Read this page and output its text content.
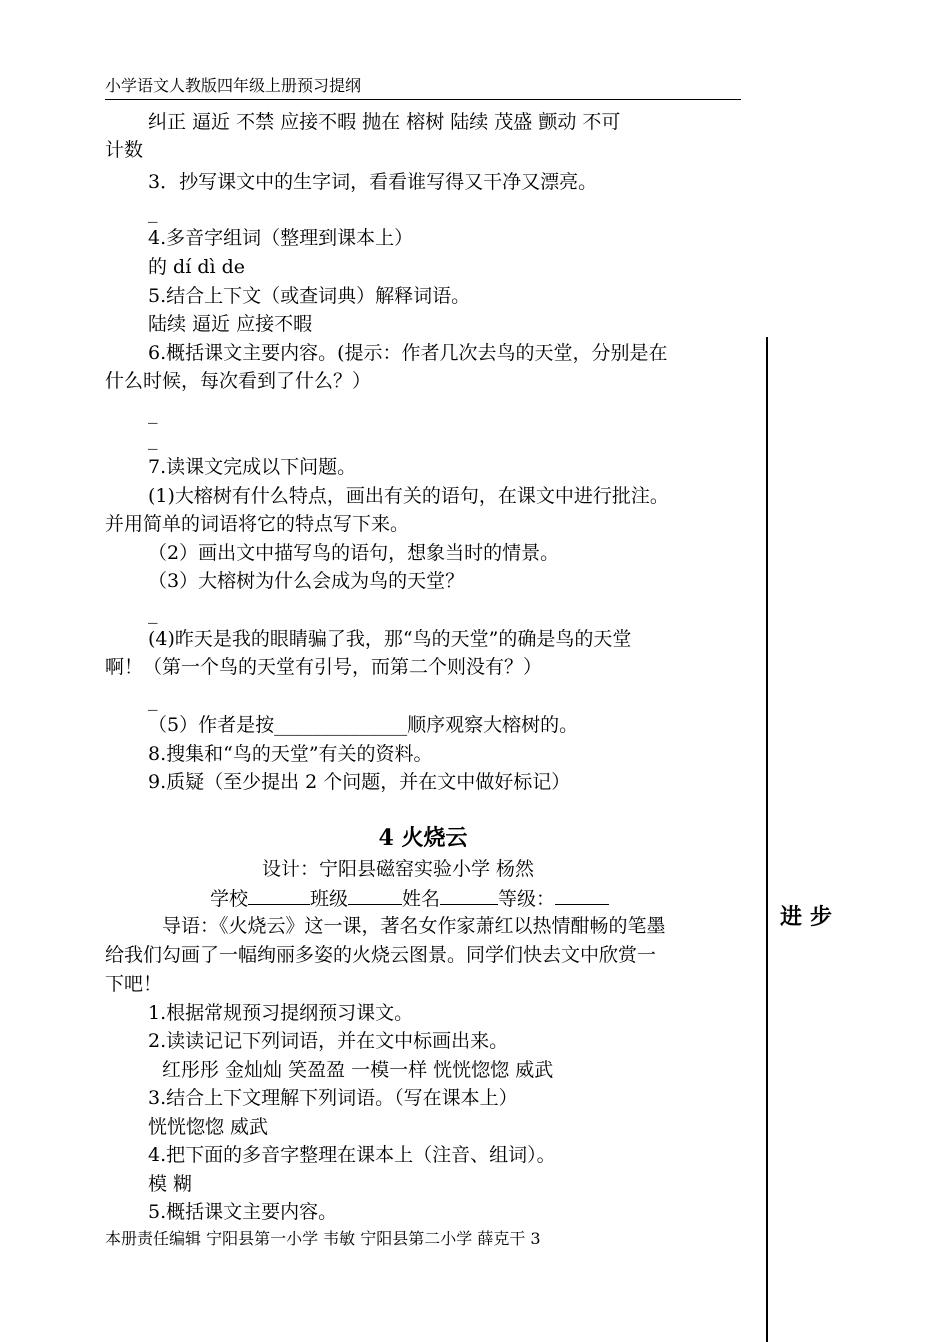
小学语文人教版四年级上册预习提纲
进步
纠正 逼近 不禁 应接不暇 抛在 榕树 陆续 茂盛 颤动 不可
计数
3．抄写课文中的生字词，看看谁写得又干净又漂亮。
_
4.多音字组词（整理到课本上）
的 dí dì de
5.结合上下文（或查词典）解释词语。
陆续 逼近 应接不暇
6.概括课文主要内容。(提示：作者几次去鸟的天堂，分别是在
什么时候，每次看到了什么？）
_
_
7.读课文完成以下问题。
(1)大榕树有什么特点，画出有关的语句，在课文中进行批注。
并用简单的词语将它的特点写下来。
（2）画出文中描写鸟的语句，想象当时的情景。
（3）大榕树为什么会成为鸟的天堂？
_
(4)昨天是我的眼睛骗了我，那“鸟的天堂”的确是鸟的天堂
啊！（第一个鸟的天堂有引号，而第二个则没有？）
_
（5）作者是按______________顺序观察大榕树的。
8.搜集和“鸟的天堂”有关的资料。
9.质疑（至少提出 2 个问题，并在文中做好标记）
4 火烧云
设计：宁阳县磁窑实验小学 杨然
学校	班级	姓名	等级：
导语：《火烧云》这一课，著名女作家萧红以热情酣畅的笔墨
给我们勾画了一幅绚丽多姿的火烧云图景。同学们快去文中欣赏一
下吧！
1.根据常规预习提纲预习课文。
2.读读记记下列词语，并在文中标画出来。
红彤彤 金灿灿 笑盈盈 一模一样 恍恍惚惚 威武
3.结合上下文理解下列词语。（写在课本上）
恍恍惚惚 威武
4.把下面的多音字整理在课本上（注音、组词）。
模 糊
5.概括课文主要内容。
本册责任编辑 宁阳县第一小学 韦敏 宁阳县第二小学 薛克干 3
